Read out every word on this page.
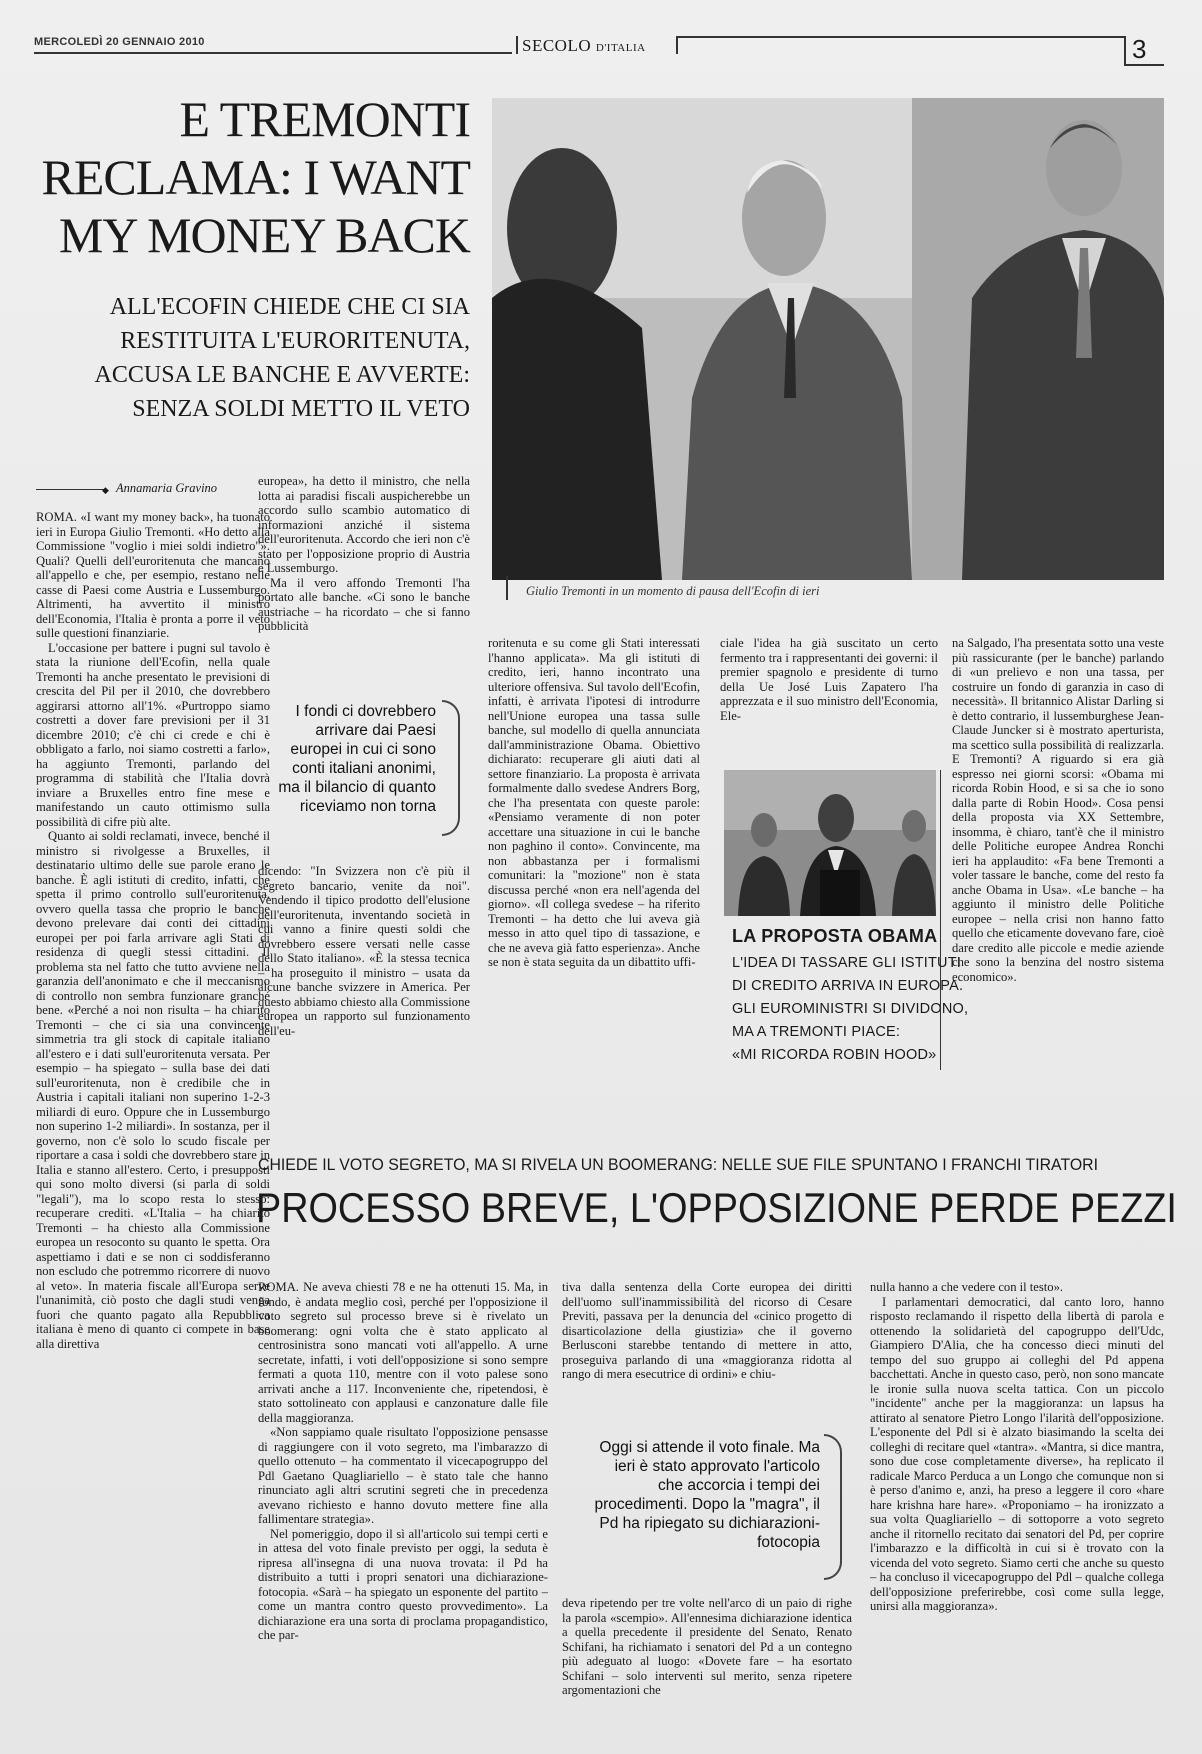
MERCOLEDÌ 20 GENNAIO 2010	SECOLO D'ITALIA	3
E TREMONTI
RECLAMA: I WANT
MY MONEY BACK
ALL'ECOFIN CHIEDE CHE CI SIA
RESTITUITA L'EURORITENUTA,
ACCUSA LE BANCHE E AVVERTE:
SENZA SOLDI METTO IL VETO
Giulio Tremonti in un momento di pausa dell'Ecofin di ieri
◆ Annamaria Gravino

ROMA. «I want my money back», ha tuonato ieri in Europa Giulio Tremonti. «Ho detto alla Commissione "voglio i miei soldi indietro"». Quali? Quelli dell'euroritenuta che mancano all'appello e che, per esempio, restano nelle casse di Paesi come Austria e Lussemburgo. Altrimenti, ha avvertito il ministro dell'Economia, l'Italia è pronta a porre il veto sulle questioni finanziarie.

L'occasione per battere i pugni sul tavolo è stata la riunione dell'Ecofin, nella quale Tremonti ha anche presentato le previsioni di crescita del Pil per il 2010, che dovrebbero aggirarsi attorno all'1%. «Purtroppo siamo costretti a dover fare previsioni per il 31 dicembre 2010; c'è chi ci crede e chi è obbligato a farlo, noi siamo costretti a farlo», ha aggiunto Tremonti, parlando del programma di stabilità che l'Italia dovrà inviare a Bruxelles entro fine mese e manifestando un cauto ottimismo sulla possibilità di cifre più alte.

Quanto ai soldi reclamati, invece, benché il ministro si rivolgesse a Bruxelles, il destinatario ultimo delle sue parole erano le banche. È agli istituti di credito, infatti, che spetta il primo controllo sull'euroritenuta, ovvero quella tassa che proprio le banche devono prelevare dai conti dei cittadini europei per poi farla arrivare agli Stati di residenza di quegli stessi cittadini. Il problema sta nel fatto che tutto avviene nella garanzia dell'anonimato e che il meccanismo di controllo non sembra funzionare granché bene. «Perché a noi non risulta – ha chiarito Tremonti – che ci sia una convincente simmetria tra gli stock di capitale italiano all'estero e i dati sull'euroritenuta versata. Per esempio – ha spiegato – sulla base dei dati sull'euroritenuta, non è credibile che in Austria i capitali italiani non superino 1-2-3 miliardi di euro. Oppure che in Lussemburgo non superino 1-2 miliardi». In sostanza, per il governo, non c'è solo lo scudo fiscale per riportare a casa i soldi che dovrebbero stare in Italia e stanno all'estero. Certo, i presupposti qui sono molto diversi (si parla di soldi "legali"), ma lo scopo resta lo stesso: recuperare crediti. «L'Italia – ha chiarito Tremonti – ha chiesto alla Commissione europea un resoconto su quanto le spetta. Ora aspettiamo i dati e se non ci soddisferanno non escludo che potremmo ricorrere di nuovo al veto». In materia fiscale all'Europa serve l'unanimità, ciò posto che dagli studi venga fuori che quanto pagato alla Repubblica italiana è meno di quanto ci compete in base alla direttiva

europea», ha detto il ministro, che nella lotta ai paradisi fiscali auspicherebbe un accordo sullo scambio automatico di informazioni anziché il sistema dell'euroritenuta. Accordo che ieri non c'è stato per l'opposizione proprio di Austria e Lussemburgo.

Ma il vero affondo Tremonti l'ha portato alle banche. «Ci sono le banche austriache – ha ricordato – che si fanno pubblicità

I fondi ci dovrebbero arrivare dai Paesi europei in cui ci sono conti italiani anonimi, ma il bilancio di quanto riceviamo non torna

dicendo: "In Svizzera non c'è più il segreto bancario, venite da noi". Vendendo il tipico prodotto dell'elusione dell'euroritenuta, inventando società in cui vanno a finire questi soldi che dovrebbero essere versati nelle casse dello Stato italiano». «È la stessa tecnica – ha proseguito il ministro – usata da alcune banche svizzere in America. Per questo abbiamo chiesto alla Commissione europea un rapporto sul funzionamento dell'eu-

roritenuta e su come gli Stati interessati l'hanno applicata». Ma gli istituti di credito, ieri, hanno incontrato una ulteriore offensiva. Sul tavolo dell'Ecofin, infatti, è arrivata l'ipotesi di introdurre nell'Unione europea una tassa sulle banche, sul modello di quella annunciata dall'amministrazione Obama. Obiettivo dichiarato: recuperare gli aiuti dati al settore finanziario. La proposta è arrivata formalmente dallo svedese Andrers Borg, che l'ha presentata con queste parole: «Pensiamo veramente di non poter accettare una situazione in cui le banche non paghino il conto». Convincente, ma non abbastanza per i formalismi comunitari: la "mozione" non è stata discussa perché «non era nell'agenda del giorno». «Il collega svedese – ha riferito Tremonti – ha detto che lui aveva già messo in atto quel tipo di tassazione, e che ne aveva già fatto esperienza». Anche se non è stata seguita da un dibattito uffi-

ciale l'idea ha già suscitato un certo fermento tra i rappresentanti dei governi: il premier spagnolo e presidente di turno della Ue José Luis Zapatero l'ha apprezzata e il suo ministro dell'Economia, Ele-

LA PROPOSTA OBAMA
L'IDEA DI TASSARE GLI ISTITUTI
DI CREDITO ARRIVA IN EUROPA.
GLI EUROMINISTRI SI DIVIDONO,
MA A TREMONTI PIACE:
«MI RICORDA ROBIN HOOD»

na Salgado, l'ha presentata sotto una veste più rassicurante (per le banche) parlando di «un prelievo e non una tassa, per costruire un fondo di garanzia in caso di necessità». Il britannico Alistar Darling si è detto contrario, il lussemburghese Jean-Claude Juncker si è mostrato aperturista, ma scettico sulla possibilità di realizzarla. E Tremonti? A riguardo si era già espresso nei giorni scorsi: «Obama mi ricorda Robin Hood, e si sa che io sono dalla parte di Robin Hood». Cosa pensi della proposta via XX Settembre, insomma, è chiaro, tant'è che il ministro delle Politiche europee Andrea Ronchi ieri ha applaudito: «Fa bene Tremonti a voler tassare le banche, come del resto fa anche Obama in Usa». «Le banche – ha aggiunto il ministro delle Politiche europee – nella crisi non hanno fatto quello che eticamente dovevano fare, cioè dare credito alle piccole e medie aziende che sono la benzina del nostro sistema economico».

CHIEDE IL VOTO SEGRETO, MA SI RIVELA UN BOOMERANG: NELLE SUE FILE SPUNTANO I FRANCHI TIRATORI
PROCESSO BREVE, L'OPPOSIZIONE PERDE PEZZI

ROMA. Ne aveva chiesti 78 e ne ha ottenuti 15. Ma, in fondo, è andata meglio così, perché per l'opposizione il voto segreto sul processo breve si è rivelato un boomerang: ogni volta che è stato applicato al centrosinistra sono mancati voti all'appello. A urne secretate, infatti, i voti dell'opposizione si sono sempre fermati a quota 110, mentre con il voto palese sono arrivati anche a 117. Inconveniente che, ripetendosi, è stato sottolineato con applausi e canzonature dalle file della maggioranza.

«Non sappiamo quale risultato l'opposizione pensasse di raggiungere con il voto segreto, ma l'imbarazzo di quello ottenuto – ha commentato il vicecapogruppo del Pdl Gaetano Quagliariello – è stato tale che hanno rinunciato agli altri scrutini segreti che in precedenza avevano richiesto e hanno dovuto mettere fine alla fallimentare strategia».

Nel pomeriggio, dopo il sì all'articolo sui tempi certi e in attesa del voto finale previsto per oggi, la seduta è ripresa all'insegna di una nuova trovata: il Pd ha distribuito a tutti i propri senatori una dichiarazione-fotocopia. «Sarà – ha spiegato un esponente del partito – come un mantra contro questo provvedimento». La dichiarazione era una sorta di proclama propagandistico, che par-

tiva dalla sentenza della Corte europea dei diritti dell'uomo sull'inammissibilità del ricorso di Cesare Previti, passava per la denuncia del «cinico progetto di disarticolazione della giustizia» che il governo Berlusconi starebbe tentando di mettere in atto, proseguiva parlando di una «maggioranza ridotta al rango di mera esecutrice di ordini» e chiu-

Oggi si attende il voto finale. Ma ieri è stato approvato l'articolo che accorcia i tempi dei procedimenti. Dopo la "magra", il Pd ha ripiegato su dichiarazioni-fotocopia

deva ripetendo per tre volte nell'arco di un paio di righe la parola «scempio». All'ennesima dichiarazione identica a quella precedente il presidente del Senato, Renato Schifani, ha richiamato i senatori del Pd a un contegno più adeguato al luogo: «Dovete fare – ha esortato Schifani – solo interventi sul merito, senza ripetere argomentazioni che

nulla hanno a che vedere con il testo».

I parlamentari democratici, dal canto loro, hanno risposto reclamando il rispetto della libertà di parola e ottenendo la solidarietà del capogruppo dell'Udc, Giampiero D'Alia, che ha concesso dieci minuti del tempo del suo gruppo ai colleghi del Pd appena bacchettati. Anche in questo caso, però, non sono mancate le ironie sulla nuova scelta tattica. Con un piccolo "incidente" anche per la maggioranza: un lapsus ha attirato al senatore Pietro Longo l'ilarità dell'opposizione. L'esponente del Pdl si è alzato biasimando la scelta dei colleghi di recitare quel «tantra». «Mantra, si dice mantra, sono due cose completamente diverse», ha replicato il radicale Marco Perduca a un Longo che comunque non si è perso d'animo e, anzi, ha preso a leggere il coro «hare hare krishna hare hare». «Proponiamo – ha ironizzato a sua volta Quagliariello – di sottoporre a voto segreto anche il ritornello recitato dai senatori del Pd, per coprire l'imbarazzo e la difficoltà in cui si è trovato con la vicenda del voto segreto. Siamo certi che anche su questo – ha concluso il vicecapogruppo del Pdl – qualche collega dell'opposizione preferirebbe, così come sulla legge, unirsi alla maggioranza».
